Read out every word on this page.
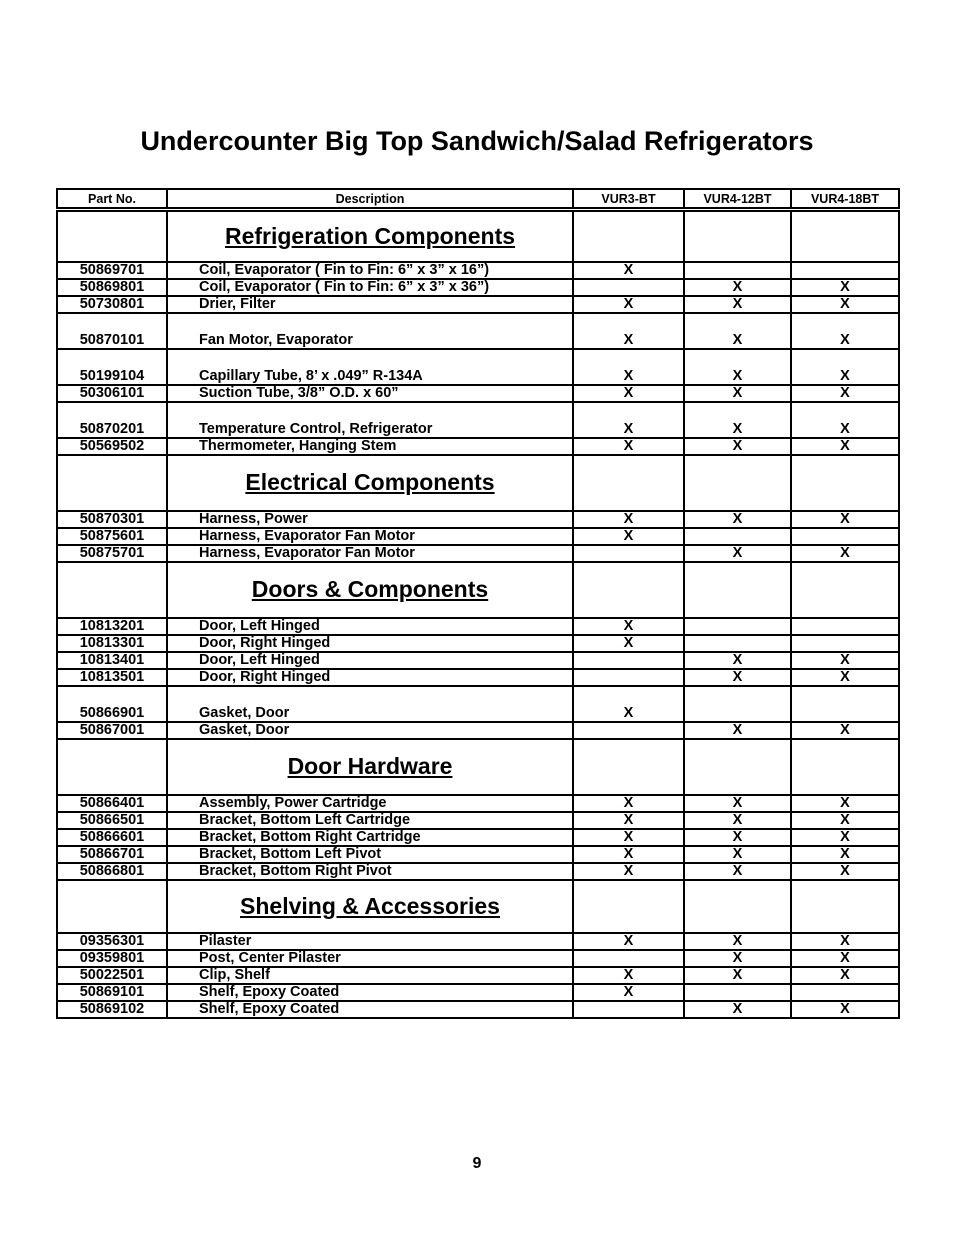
Undercounter Big Top Sandwich/Salad Refrigerators
Part No.	Description	VUR3-BT	VUR4-12BT	VUR4-18BT
	Refrigeration Components			
50869701	Coil, Evaporator ( Fin to Fin: 6” x 3” x 16”)	X		
50869801	Coil, Evaporator ( Fin to Fin: 6” x 3” x 36”)		X	X
50730801	Drier, Filter	X	X	X
50870101	Fan Motor, Evaporator	X	X	X
50199104	Capillary Tube, 8’ x .049” R-134A	X	X	X
50306101	Suction Tube, 3/8” O.D. x 60”	X	X	X
50870201	Temperature Control, Refrigerator	X	X	X
50569502	Thermometer, Hanging Stem	X	X	X
	Electrical Components			
50870301	Harness, Power	X	X	X
50875601	Harness, Evaporator Fan Motor	X		
50875701	Harness, Evaporator Fan Motor		X	X
	Doors & Components			
10813201	Door, Left Hinged	X		
10813301	Door, Right Hinged	X		
10813401	Door, Left Hinged		X	X
10813501	Door, Right Hinged		X	X
50866901	Gasket, Door	X		
50867001	Gasket, Door		X	X
	Door Hardware			
50866401	Assembly, Power Cartridge	X	X	X
50866501	Bracket, Bottom Left Cartridge	X	X	X
50866601	Bracket, Bottom Right Cartridge	X	X	X
50866701	Bracket, Bottom Left Pivot	X	X	X
50866801	Bracket, Bottom Right Pivot	X	X	X
	Shelving & Accessories			
09356301	Pilaster	X	X	X
09359801	Post, Center Pilaster		X	X
50022501	Clip, Shelf	X	X	X
50869101	Shelf, Epoxy Coated	X		
50869102	Shelf, Epoxy Coated		X	X
9
